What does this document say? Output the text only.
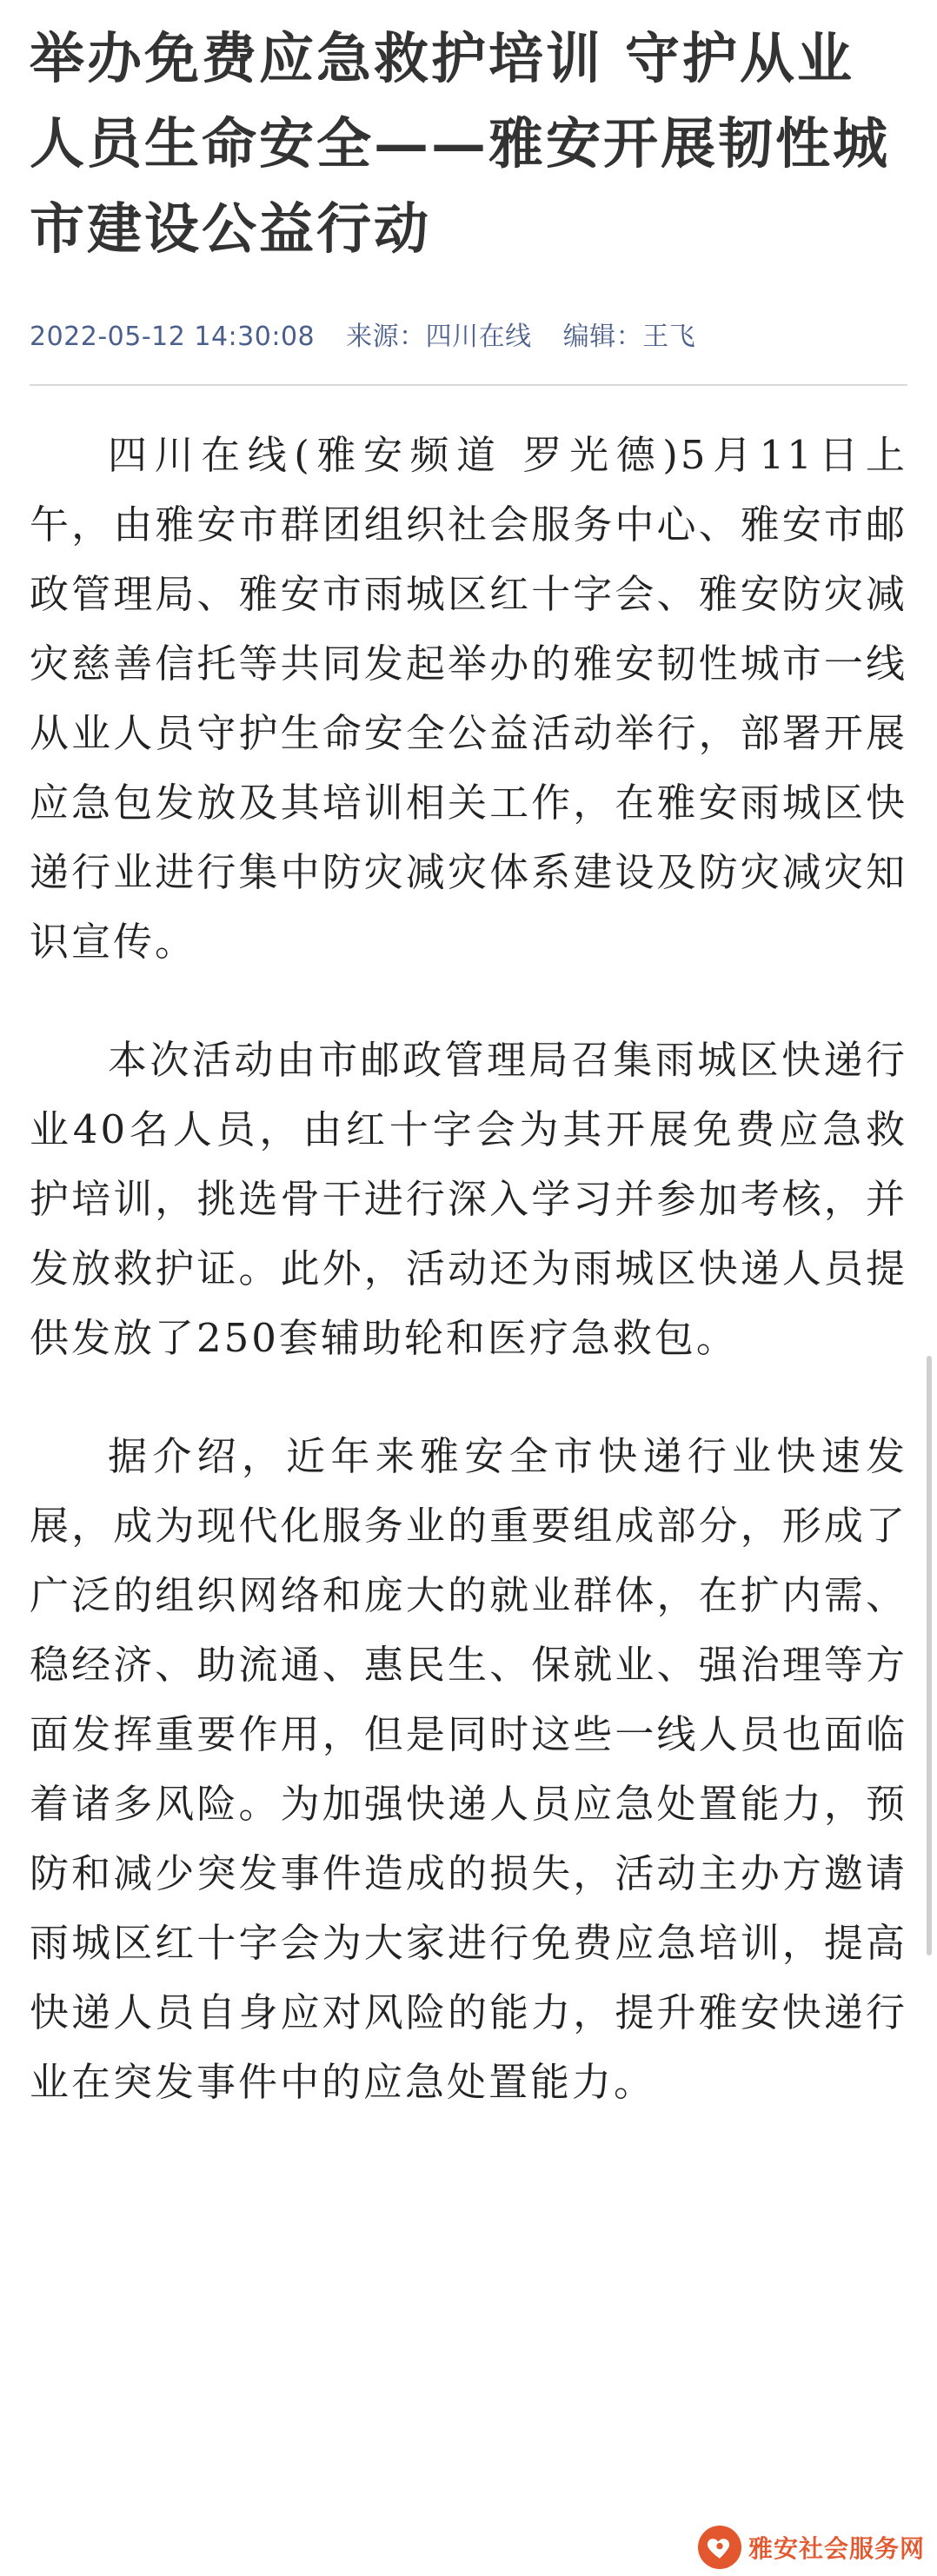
举办免费应急救护培训 守护从业人员生命安全——雅安开展韧性城市建设公益行动
2022-05-12 14:30:08 来源：四川在线 编辑：王飞

四川在线(雅安频道 罗光德)5月11日上午，由雅安市群团组织社会服务中心、雅安市邮政管理局、雅安市雨城区红十字会、雅安防灾减灾慈善信托等共同发起举办的雅安韧性城市一线从业人员守护生命安全公益活动举行，部署开展应急包发放及其培训相关工作，在雅安雨城区快递行业进行集中防灾减灾体系建设及防灾减灾知识宣传。

本次活动由市邮政管理局召集雨城区快递行业40名人员，由红十字会为其开展免费应急救护培训，挑选骨干进行深入学习并参加考核，并发放救护证。此外，活动还为雨城区快递人员提供发放了250套辅助轮和医疗急救包。

据介绍，近年来雅安全市快递行业快速发展，成为现代化服务业的重要组成部分，形成了广泛的组织网络和庞大的就业群体，在扩内需、稳经济、助流通、惠民生、保就业、强治理等方面发挥重要作用，但是同时这些一线人员也面临着诸多风险。为加强快递人员应急处置能力，预防和减少突发事件造成的损失，活动主办方邀请雨城区红十字会为大家进行免费应急培训，提高快递人员自身应对风险的能力，提升雅安快递行业在突发事件中的应急处置能力。

雅安社会服务网
